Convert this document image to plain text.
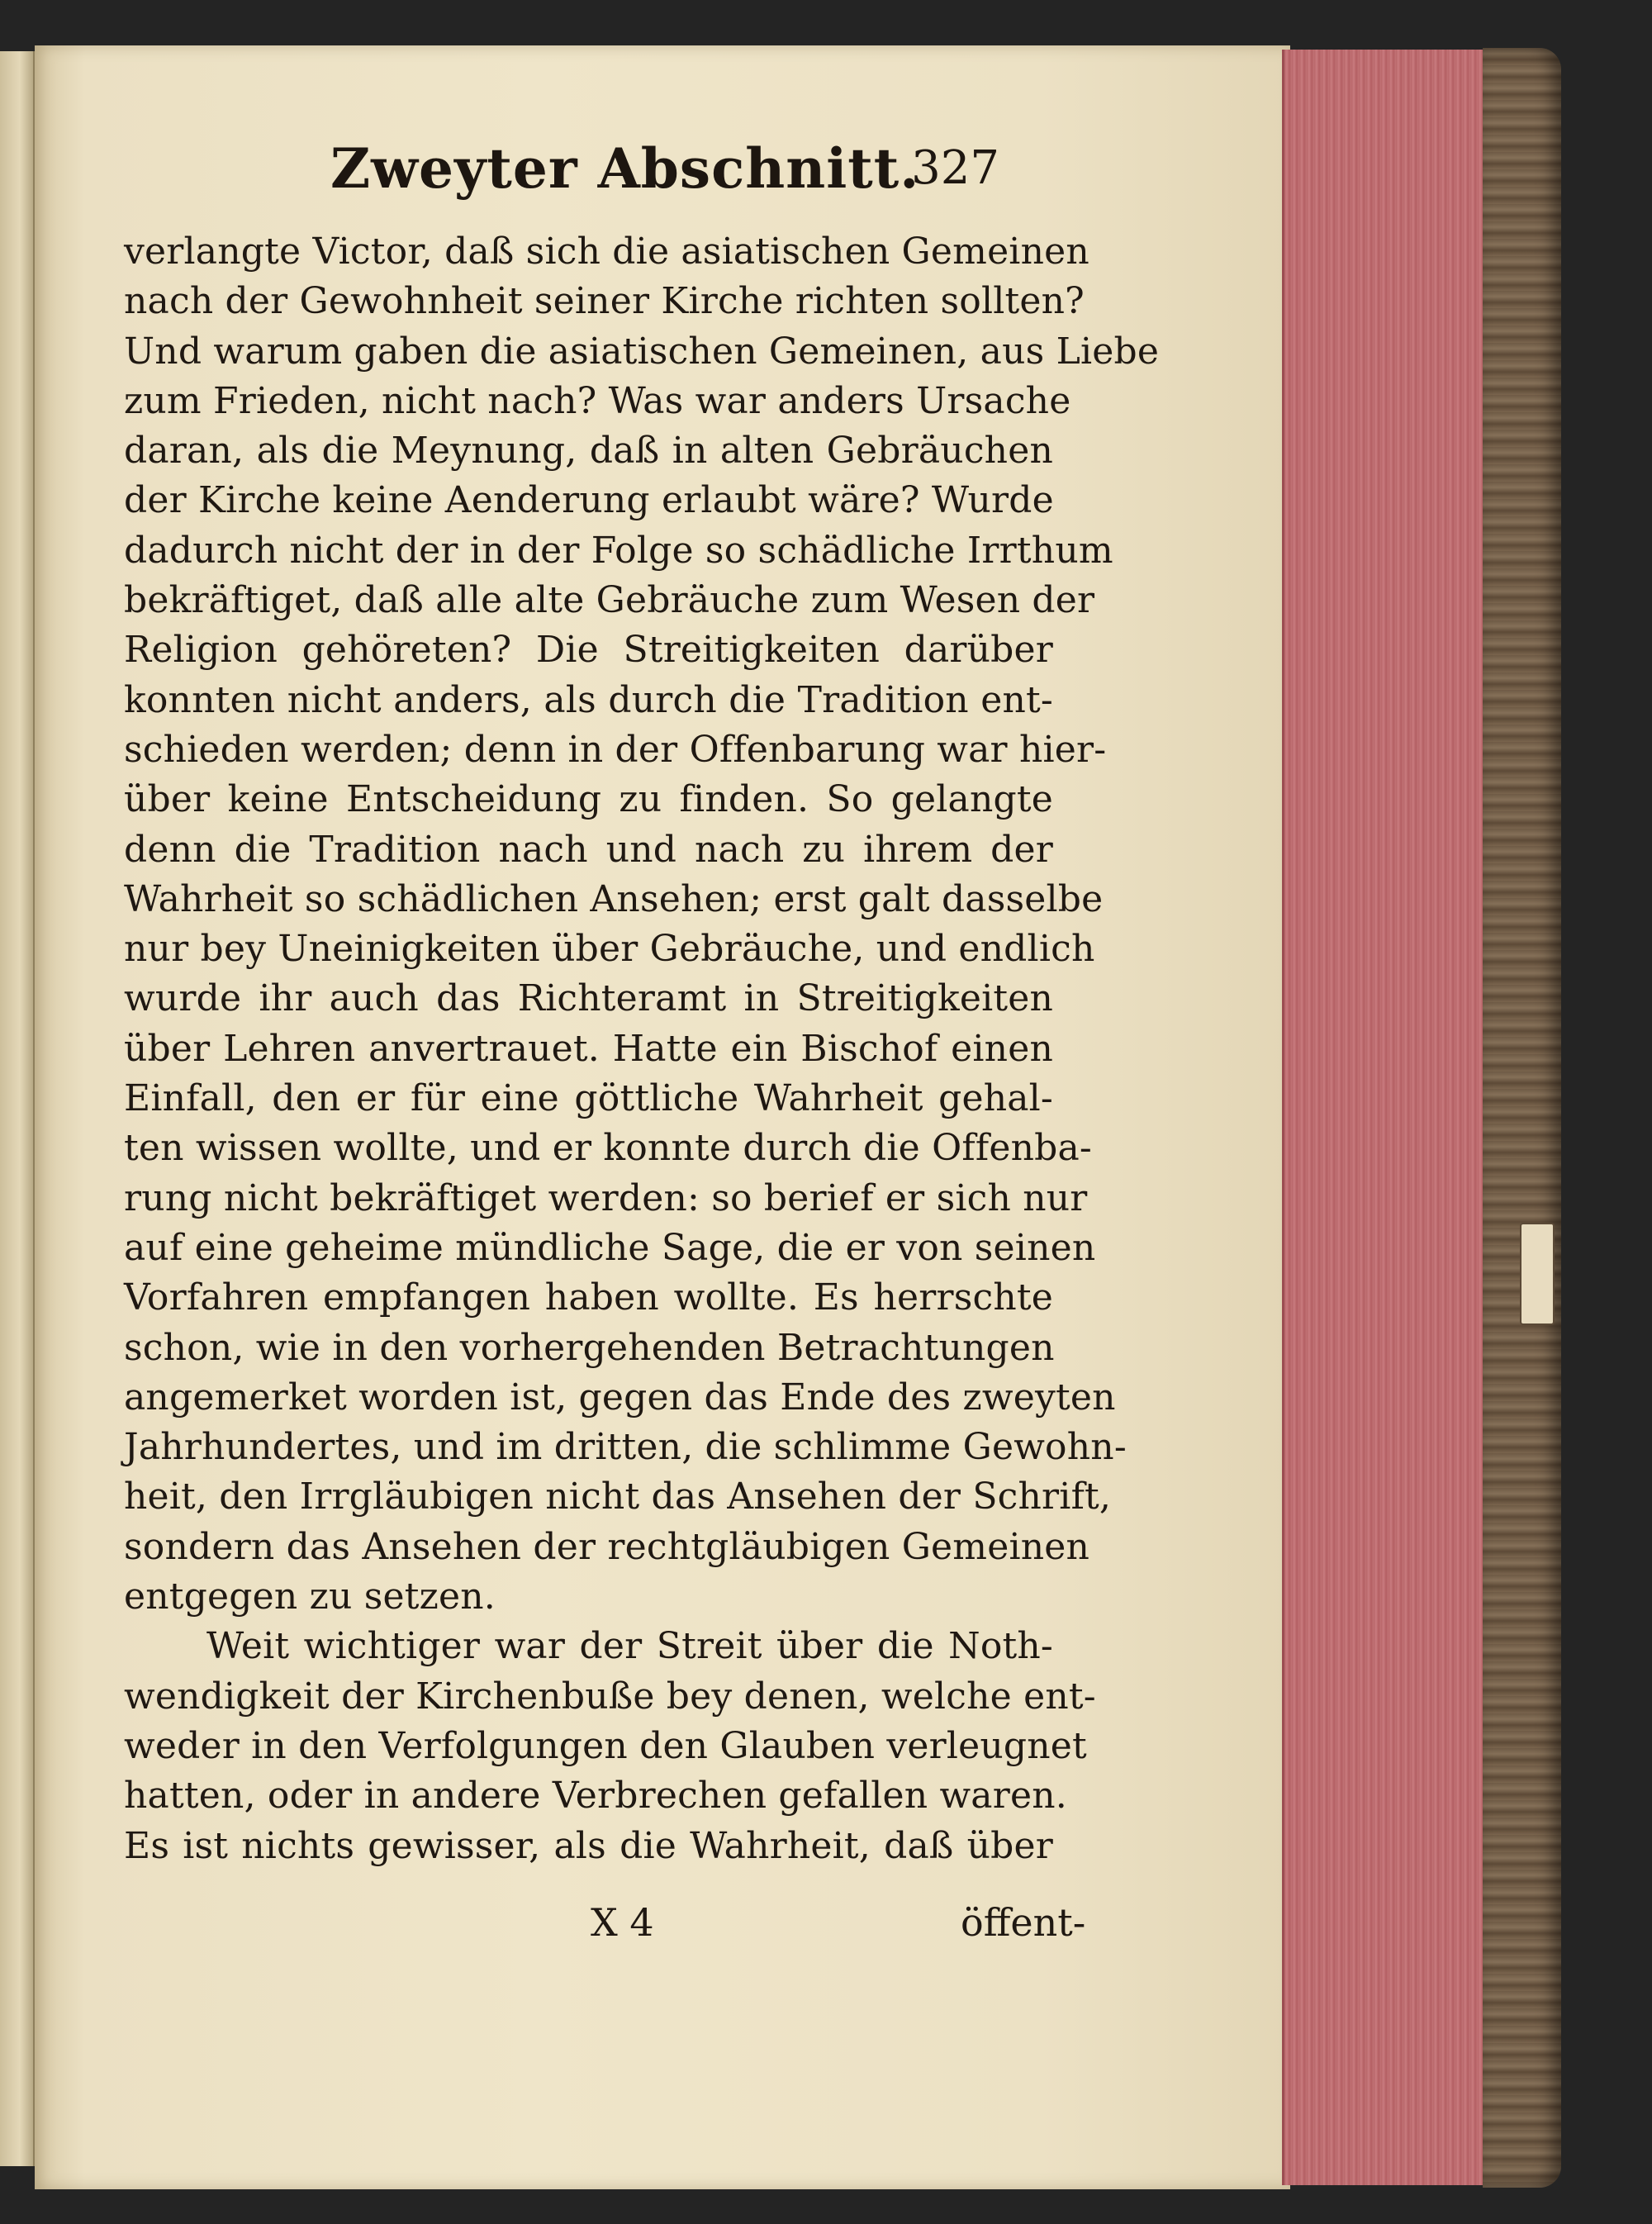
Zweyter Abschnitt.
327
verlangte Victor, daß sich die asiatischen Gemeinen
nach der Gewohnheit seiner Kirche richten sollten?
Und warum gaben die asiatischen Gemeinen, aus Liebe
zum Frieden, nicht nach? Was war anders Ursache
daran, als die Meynung, daß in alten Gebräuchen
der Kirche keine Aenderung erlaubt wäre? Wurde
dadurch nicht der in der Folge so schädliche Irrthum
bekräftiget, daß alle alte Gebräuche zum Wesen der
Religion gehöreten? Die Streitigkeiten darüber
konnten nicht anders, als durch die Tradition ent-
schieden werden; denn in der Offenbarung war hier-
über keine Entscheidung zu finden. So gelangte
denn die Tradition nach und nach zu ihrem der
Wahrheit so schädlichen Ansehen; erst galt dasselbe
nur bey Uneinigkeiten über Gebräuche, und endlich
wurde ihr auch das Richteramt in Streitigkeiten
über Lehren anvertrauet. Hatte ein Bischof einen
Einfall, den er für eine göttliche Wahrheit gehal-
ten wissen wollte, und er konnte durch die Offenba-
rung nicht bekräftiget werden: so berief er sich nur
auf eine geheime mündliche Sage, die er von seinen
Vorfahren empfangen haben wollte. Es herrschte
schon, wie in den vorhergehenden Betrachtungen
angemerket worden ist, gegen das Ende des zweyten
Jahrhundertes, und im dritten, die schlimme Gewohn-
heit, den Irrgläubigen nicht das Ansehen der Schrift,
sondern das Ansehen der rechtgläubigen Gemeinen
entgegen zu setzen.
Weit wichtiger war der Streit über die Noth-
wendigkeit der Kirchenbuße bey denen, welche ent-
weder in den Verfolgungen den Glauben verleugnet
hatten, oder in andere Verbrechen gefallen waren.
Es ist nichts gewisser, als die Wahrheit, daß über
X 4	öffent-
